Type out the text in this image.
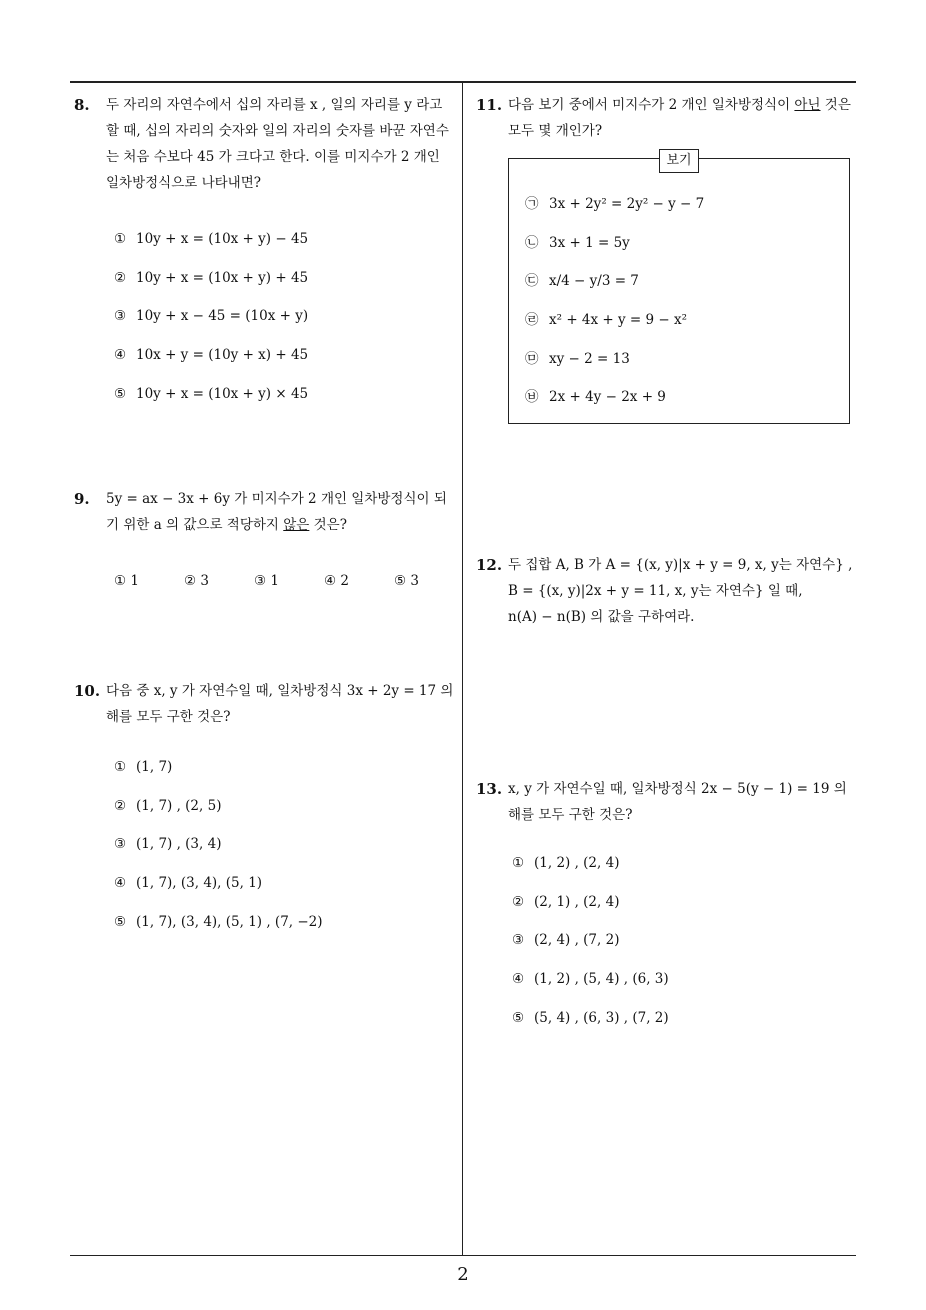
8. 두 자리의 자연수에서 십의 자리를 x , 일의 자리를 y 라고 할 때, 십의 자리의 숫자와 일의 자리의 숫자를 바꾼 자연수는 처음 수보다 45 가 크다고 한다. 이를 미지수가 2 개인 일차방정식으로 나타내면?
① 10y + x = (10x + y) − 45
② 10y + x = (10x + y) + 45
③ 10y + x − 45 = (10x + y)
④ 10x + y = (10y + x) + 45
⑤ 10y + x = (10x + y) × 45
9. 5y = ax − 3x + 6y 가 미지수가 2 개인 일차방정식이 되기 위한 a 의 값으로 적당하지 않은 것은?
① 1	② 3	③ 1	④ 2	⑤ 3
10. 다음 중 x, y 가 자연수일 때, 일차방정식 3x + 2y = 17 의 해를 모두 구한 것은?
① (1, 7)
② (1, 7) , (2, 5)
③ (1, 7) , (3, 4)
④ (1, 7), (3, 4), (5, 1)
⑤ (1, 7), (3, 4), (5, 1) , (7, −2)
11. 다음 보기 중에서 미지수가 2 개인 일차방정식이 아닌 것은 모두 몇 개인가?
보기
㉠ 3x + 2y² = 2y² − y − 7
㉡ 3x + 1 = 5y
㉢ x/4 − y/3 = 7
㉣ x² + 4x + y = 9 − x²
㉤ xy − 2 = 13
㉥ 2x + 4y − 2x + 9
12. 두 집합 A, B 가 A = {(x, y)|x + y = 9, x, y는 자연수} ,
B = {(x, y)|2x + y = 11, x, y는 자연수} 일 때,
n(A) − n(B) 의 값을 구하여라.
13. x, y 가 자연수일 때, 일차방정식 2x − 5(y − 1) = 19 의 해를 모두 구한 것은?
① (1, 2) , (2, 4)
② (2, 1) , (2, 4)
③ (2, 4) , (7, 2)
④ (1, 2) , (5, 4) , (6, 3)
⑤ (5, 4) , (6, 3) , (7, 2)
2
